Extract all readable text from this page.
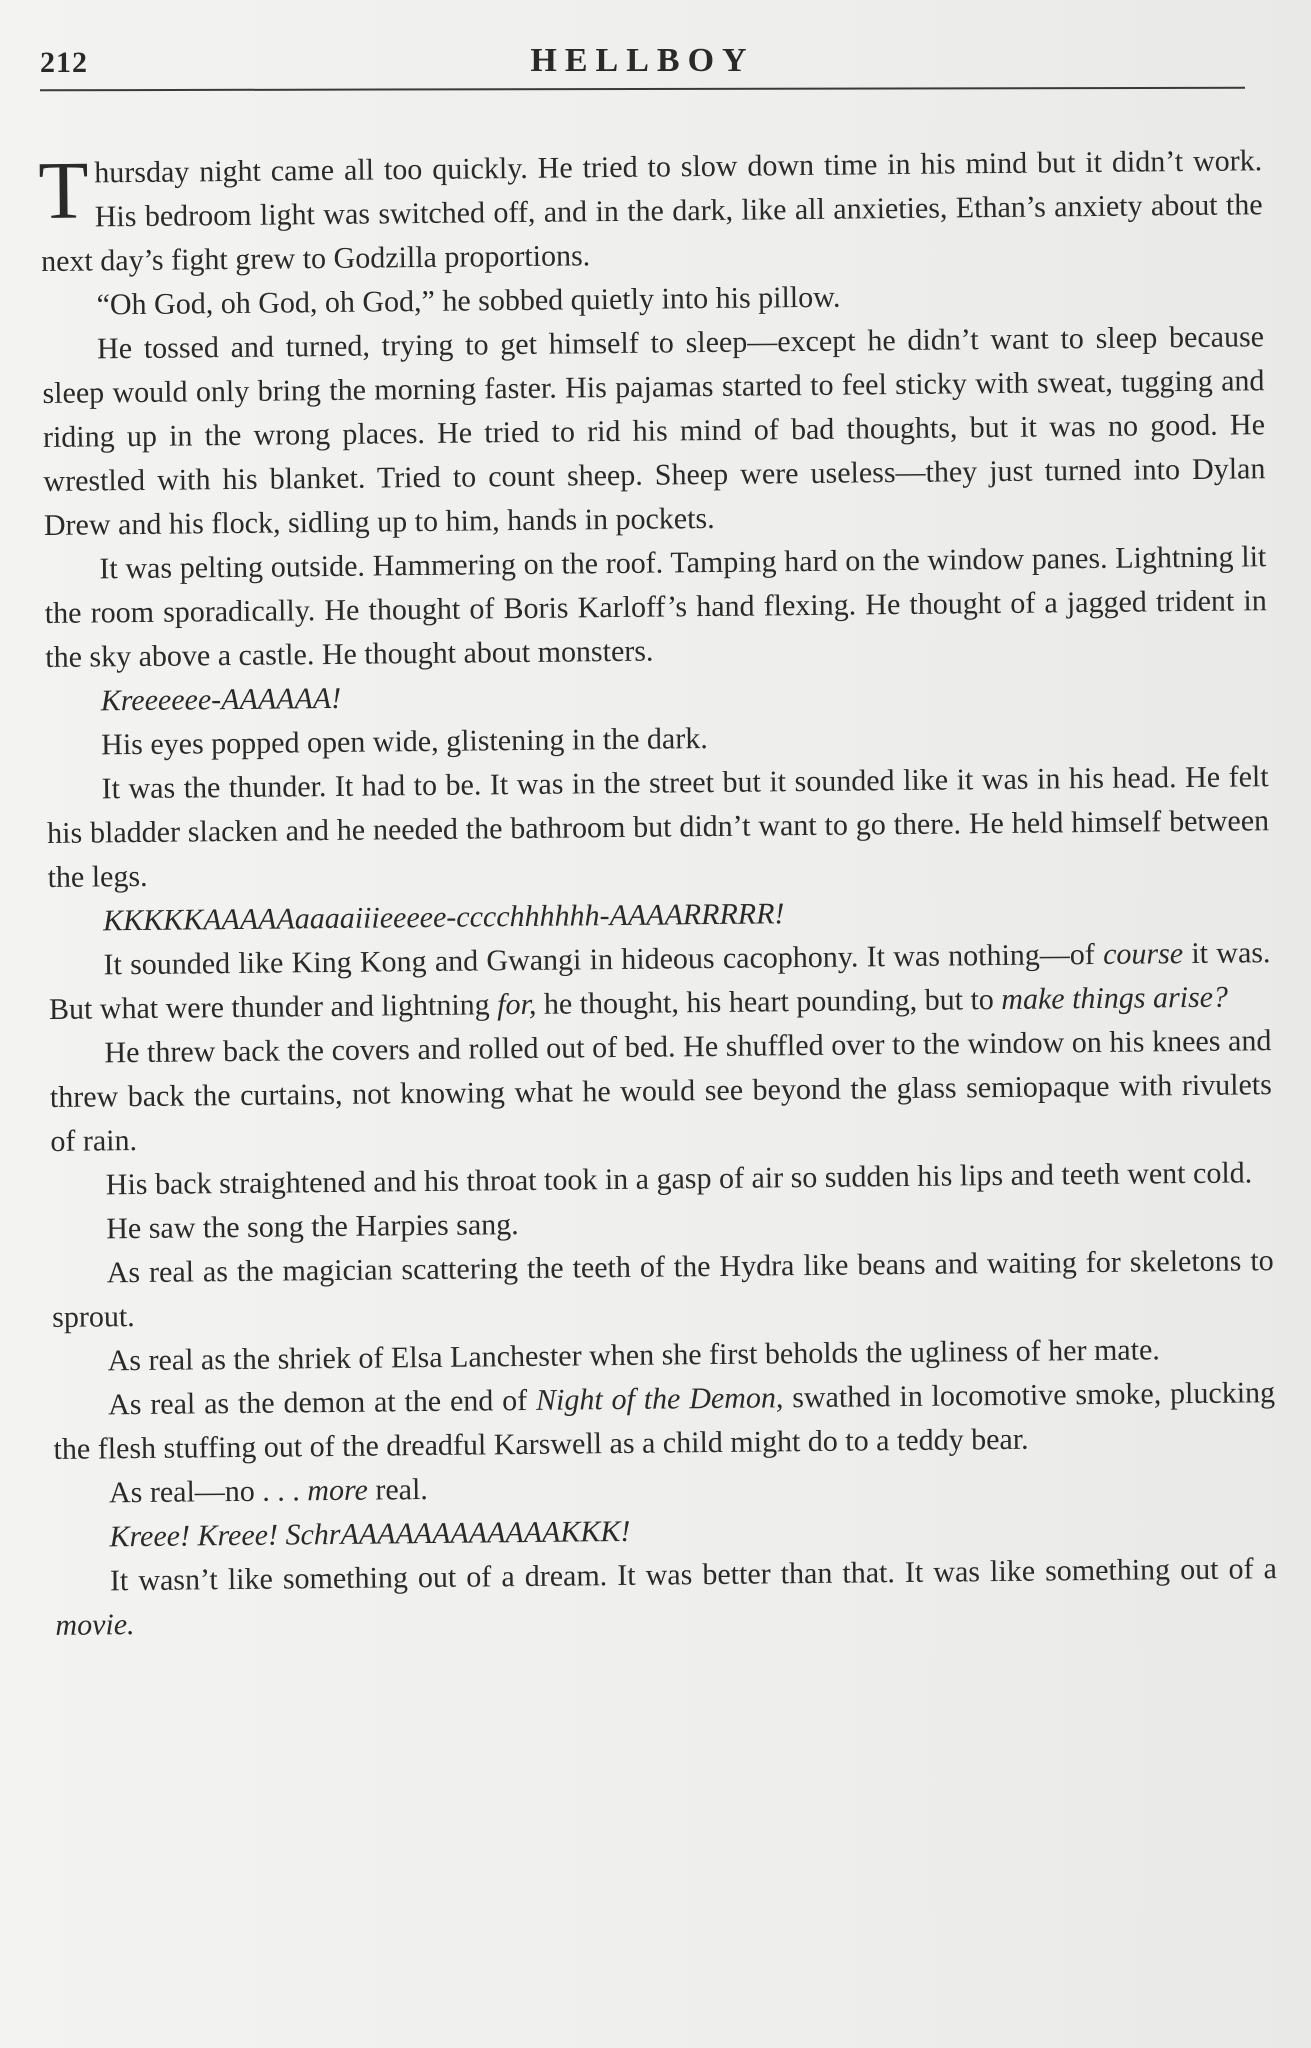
212	HELLBOY

Thursday night came all too quickly. He tried to slow down time in his mind but it didn’t work. His bedroom light was switched off, and in the dark, like all anxieties, Ethan’s anxiety about the next day’s fight grew to Godzilla proportions.

“Oh God, oh God, oh God,” he sobbed quietly into his pillow.

He tossed and turned, trying to get himself to sleep—except he didn’t want to sleep because sleep would only bring the morning faster. His pajamas started to feel sticky with sweat, tugging and riding up in the wrong places. He tried to rid his mind of bad thoughts, but it was no good. He wrestled with his blanket. Tried to count sheep. Sheep were useless—they just turned into Dylan Drew and his flock, sidling up to him, hands in pockets.

It was pelting outside. Hammering on the roof. Tamping hard on the window panes. Lightning lit the room sporadically. He thought of Boris Karloff’s hand flexing. He thought of a jagged trident in the sky above a castle. He thought about monsters.

Kreeeeee-AAAAAA!

His eyes popped open wide, glistening in the dark.

It was the thunder. It had to be. It was in the street but it sounded like it was in his head. He felt his bladder slacken and he needed the bathroom but didn’t want to go there. He held himself between the legs.

KKKKKAAAAAaaaaiiieeeee-cccchhhhhh-AAAARRRRR!

It sounded like King Kong and Gwangi in hideous cacophony. It was nothing—of course it was. But what were thunder and lightning for, he thought, his heart pounding, but to make things arise?

He threw back the covers and rolled out of bed. He shuffled over to the window on his knees and threw back the curtains, not knowing what he would see beyond the glass semiopaque with rivulets of rain.

His back straightened and his throat took in a gasp of air so sudden his lips and teeth went cold.

He saw the song the Harpies sang.

As real as the magician scattering the teeth of the Hydra like beans and waiting for skeletons to sprout.

As real as the shriek of Elsa Lanchester when she first beholds the ugliness of her mate.

As real as the demon at the end of Night of the Demon, swathed in locomotive smoke, plucking the flesh stuffing out of the dreadful Karswell as a child might do to a teddy bear.

As real—no . . . more real.

Kreee! Kreee! SchrAAAAAAAAAAAAKKK!

It wasn’t like something out of a dream. It was better than that. It was like something out of a movie.
